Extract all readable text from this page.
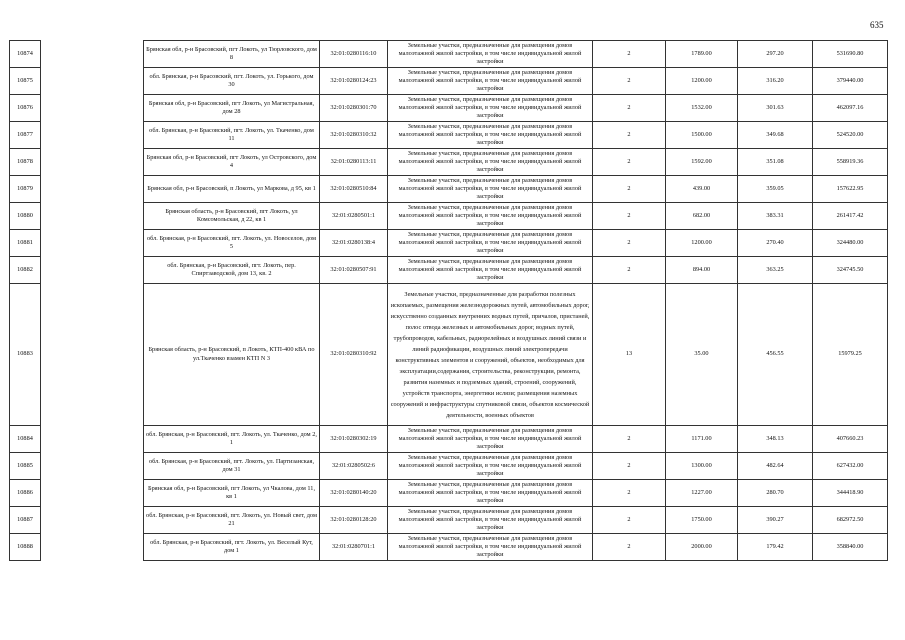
635
10874		Брянская обл, р-н Брасовский, пгт Локоть, ул Тюрловского, дом 8	32:01:0280116:10	Земельные участки, предназначенные для размещения домов малоэтажной жилой застройки, в том числе индивидуальной жилой застройки	2	1789.00	297.20	531690.80
10875		обл. Брянская, р-н Брасовский, пгт. Локоть, ул. Горького, дом 30	32:01:0280124:23	Земельные участки, предназначенные для размещения домов малоэтажной жилой застройки, в том числе индивидуальной жилой застройки	2	1200.00	316.20	379440.00
10876		Брянская обл, р-н Брасовский, пгт Локоть, ул Магистральная, дом 28	32:01:0280301:70	Земельные участки, предназначенные для размещения домов малоэтажной жилой застройки, в том числе индивидуальной жилой застройки	2	1532.00	301.63	462097.16
10877		обл. Брянская, р-н Брасовский, пгт. Локоть, ул. Ткаченко, дом 11	32:01:0280310:32	Земельные участки, предназначенные для размещения домов малоэтажной жилой застройки, в том числе индивидуальной жилой застройки	2	1500.00	349.68	524520.00
10878		Брянская обл, р-н Брасовский, пгт Локоть, ул Островского, дом 4	32:01:0280113:11	Земельные участки, предназначенные для размещения домов малоэтажной жилой застройки, в том числе индивидуальной жилой застройки	2	1592.00	351.08	558919.36
10879		Брянская обл, р-н Брасовский, п Локоть, ул Маркова, д 95, кв 1	32:01:0280510:84	Земельные участки, предназначенные для размещения домов малоэтажной жилой застройки, в том числе индивидуальной жилой застройки	2	439.00	359.05	157622.95
10880		Брянская область, р-н Брасовский, пгт Локоть, ул Комсомольская, д 22, кв 1	32:01:0280501:1	Земельные участки, предназначенные для размещения домов малоэтажной жилой застройки, в том числе индивидуальной жилой застройки	2	682.00	383.31	261417.42
10881		обл. Брянская, р-н Брасовский, пгт. Локоть, ул. Новоселов, дом 5	32:01:0280138:4	Земельные участки, предназначенные для размещения домов малоэтажной жилой застройки, в том числе индивидуальной жилой застройки	2	1200.00	270.40	324480.00
10882		обл. Брянская, р-н Брасовский, пгт. Локоть, пер. Спиртзаводской, дом 13, кв. 2	32:01:0280507:91	Земельные участки, предназначенные для размещения домов малоэтажной жилой застройки, в том числе индивидуальной жилой застройки	2	894.00	363.25	324745.50
10883		Брянская область, р-н Брасовский, п Локоть, КТП-400 кВА по ул.Ткаченко взамен КТП N 3	32:01:0280310:92	Земельные участки, предназначенные для разработки полезных ископаемых, размещения железнодорожных путей, автомобильных дорог, искусственно созданных внутренних водных путей, причалов, пристаней, полос отвода железных и автомобильных дорог, водных путей, трубопроводов, кабельных, радиорелейных и воздушных линий связи и линий радиофикации, воздушных линий электропередачи конструктивных элементов и сооружений, объектов, необходимых для эксплуатации,содержания, строительства, реконструкции, ремонта, развития наземных и подземных зданий, строений, сооружений, устройств транспорта, энергетики ислязи; размещения наземных сооружений и инфраструктуры спутниковой связи, объектов космической деятельности, военных объектов	13	35.00	456.55	15979.25
10884		обл. Брянская, р-н Брасовский, пгт. Локоть, ул. Ткаченко, дом 2, 1	32:01:0280302:19	Земельные участки, предназначенные для размещения домов малоэтажной жилой застройки, в том числе индивидуальной жилой застройки	2	1171.00	348.13	407660.23
10885		обл. Брянская, р-н Брасовский, пгт. Локоть, ул. Партизанская, дом 31	32:01:0280502:6	Земельные участки, предназначенные для размещения домов малоэтажной жилой застройки, в том числе индивидуальной жилой застройки	2	1300.00	482.64	627432.00
10886		Брянская обл, р-н Брасовский, пгт Локоть, ул Чкалова, дом 11, кв 1	32:01:0280140:20	Земельные участки, предназначенные для размещения домов малоэтажной жилой застройки, в том числе индивидуальной жилой застройки	2	1227.00	280.70	344418.90
10887		обл. Брянская, р-н Брасовский, пгт. Локоть, ул. Новый свет, дом 21	32:01:0280128:20	Земельные участки, предназначенные для размещения домов малоэтажной жилой застройки, в том числе индивидуальной жилой застройки	2	1750.00	390.27	682972.50
10888		обл. Брянская, р-н Брасовский, пгт. Локоть, ул. Веселый Кут, дом 1	32:01:0280701:1	Земельные участки, предназначенные для размещения домов малоэтажной жилой застройки, в том числе индивидуальной жилой застройки	2	2000.00	179.42	358840.00
